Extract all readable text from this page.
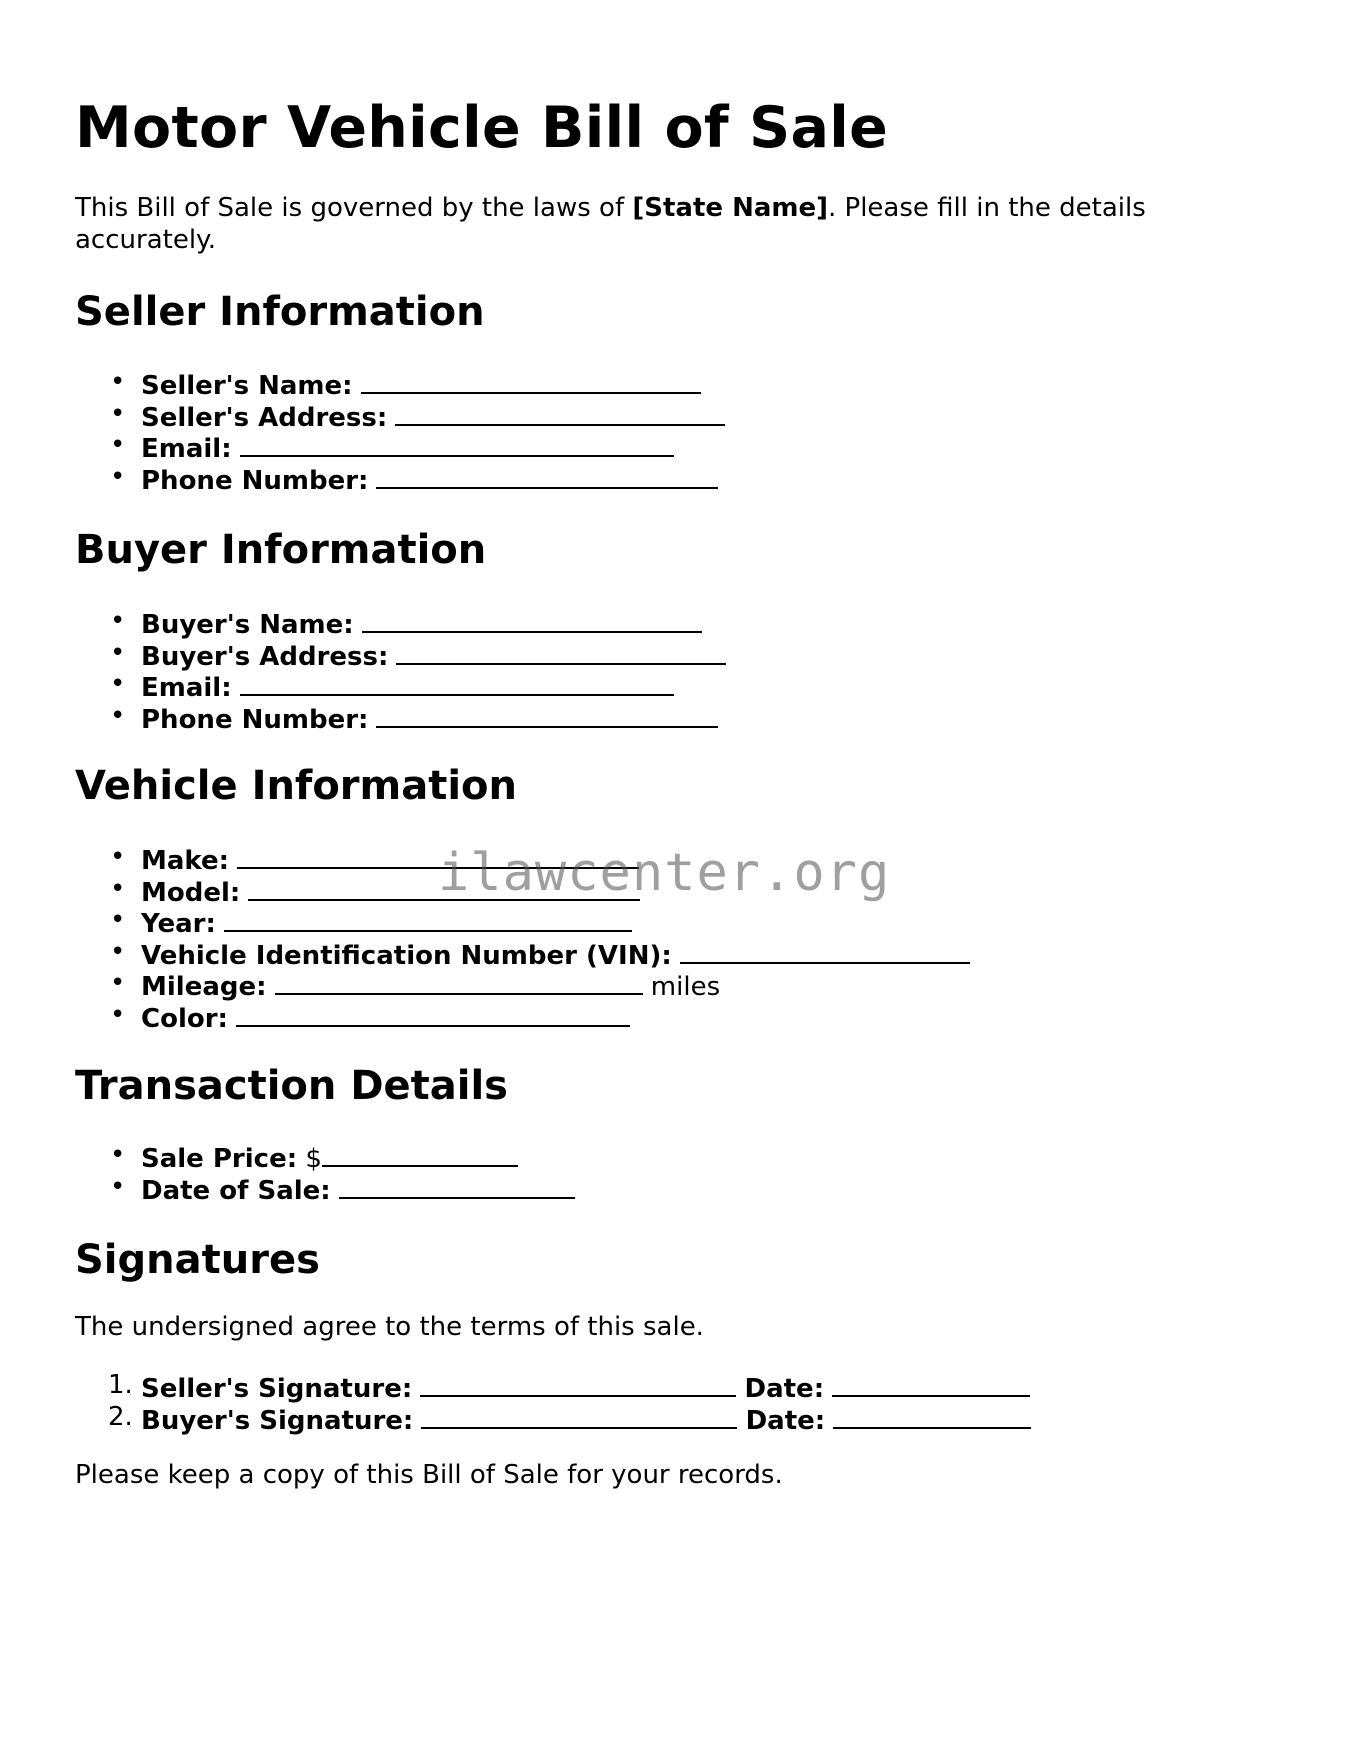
Motor Vehicle Bill of Sale

This Bill of Sale is governed by the laws of [State Name]. Please fill in the details accurately.

Seller Information
• Seller's Name:
• Seller's Address:
• Email:
• Phone Number:
Buyer Information
• Buyer's Name:
• Buyer's Address:
• Email:
• Phone Number:
Vehicle Information
• Make:
• Model:
• Year:
• Vehicle Identification Number (VIN):
• Mileage:	miles
• Color:
Transaction Details
• Sale Price: $
• Date of Sale:
Signatures

The undersigned agree to the terms of this sale.

1. Seller's Signature:	Date:
2. Buyer's Signature:	Date:

Please keep a copy of this Bill of Sale for your records.

ilawcenter.org
